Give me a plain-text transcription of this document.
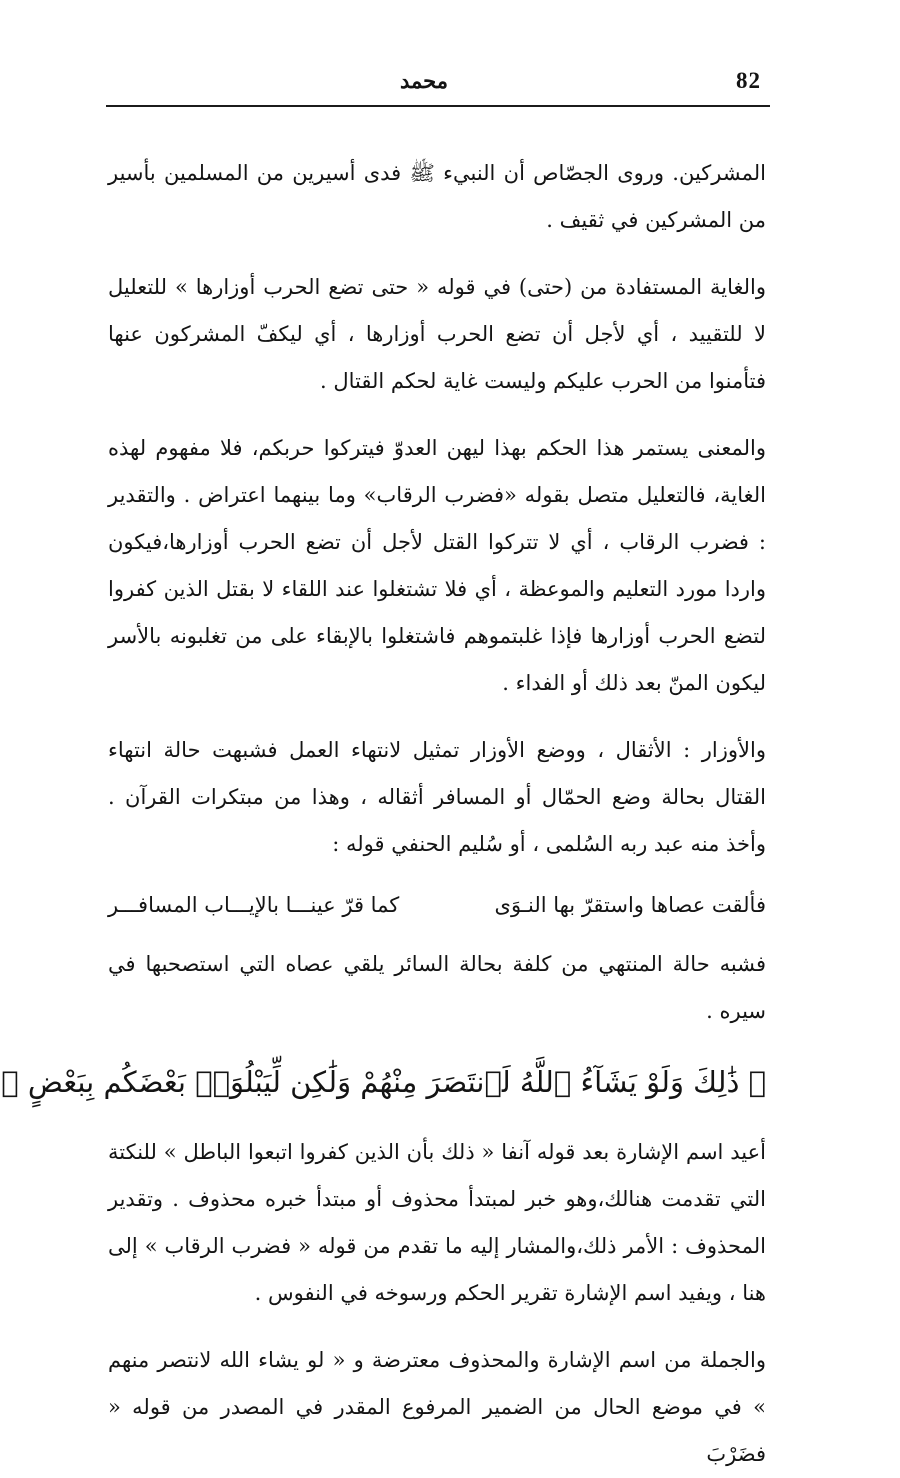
محمد	82

المشركين. وروى الجصّاص أن النبيء ﷺ فدى أسيرين من المسلمين بأسير من المشركين في ثقيف .

والغاية المستفادة من (حتى) في قوله « حتى تضع الحرب أوزارها » للتعليل لا للتقييد ، أي لأجل أن تضع الحرب أوزارها ، أي ليكفّ المشركون عنها فتأمنوا من الحرب عليكم وليست غاية لحكم القتال .

والمعنى يستمر هذا الحكم بهذا ليهن العدوّ فيتركوا حربكم، فلا مفهوم لهذه الغاية، فالتعليل متصل بقوله «فضرب الرقاب» وما بينهما اعتراض . والتقدير : فضرب الرقاب ، أي لا تتركوا القتل لأجل أن تضع الحرب أوزارها،فيكون واردا مورد التعليم والموعظة ، أي فلا تشتغلوا عند اللقاء لا بقتل الذين كفروا لتضع الحرب أوزارها فإذا غلبتموهم فاشتغلوا بالإبقاء على من تغلبونه بالأسر ليكون المنّ بعد ذلك أو الفداء .

والأوزار : الأثقال ، ووضع الأوزار تمثيل لانتهاء العمل فشبهت حالة انتهاء القتال بحالة وضع الحمّال أو المسافر أثقاله ، وهذا من مبتكرات القرآن . وأخذ منه عبد ربه السُلمى ، أو سُليم الحنفي قوله :

فألقت عصاها واستقرّ بها النـوَى
كما قرّ عينـــا بالإيـــاب المسافـــر

فشبه حالة المنتهي من كلفة بحالة السائر يلقي عصاه التي استصحبها في سيره .

﴿ ذَٰلِكَ وَلَوْ يَشَآءُ ٱللَّهُ لَٱنتَصَرَ مِنْهُمْ وَلَٰكِن لِّيَبْلُوَا۟ بَعْضَكُم بِبَعْضٍ ﴾

أعيد اسم الإشارة بعد قوله آنفا « ذلك بأن الذين كفروا اتبعوا الباطل » للنكتة التي تقدمت هنالك،وهو خبر لمبتدأ محذوف أو مبتدأ خبره محذوف . وتقدير المحذوف : الأمر ذلك،والمشار إليه ما تقدم من قوله « فضرب الرقاب » إلى هنا ، ويفيد اسم الإشارة تقرير الحكم ورسوخه في النفوس .

والجملة من اسم الإشارة والمحذوف معترضة و « لو يشاء الله لانتصر منهم » في موضع الحال من الضمير المرفوع المقدر في المصدر من قوله « فضَرْبَ
